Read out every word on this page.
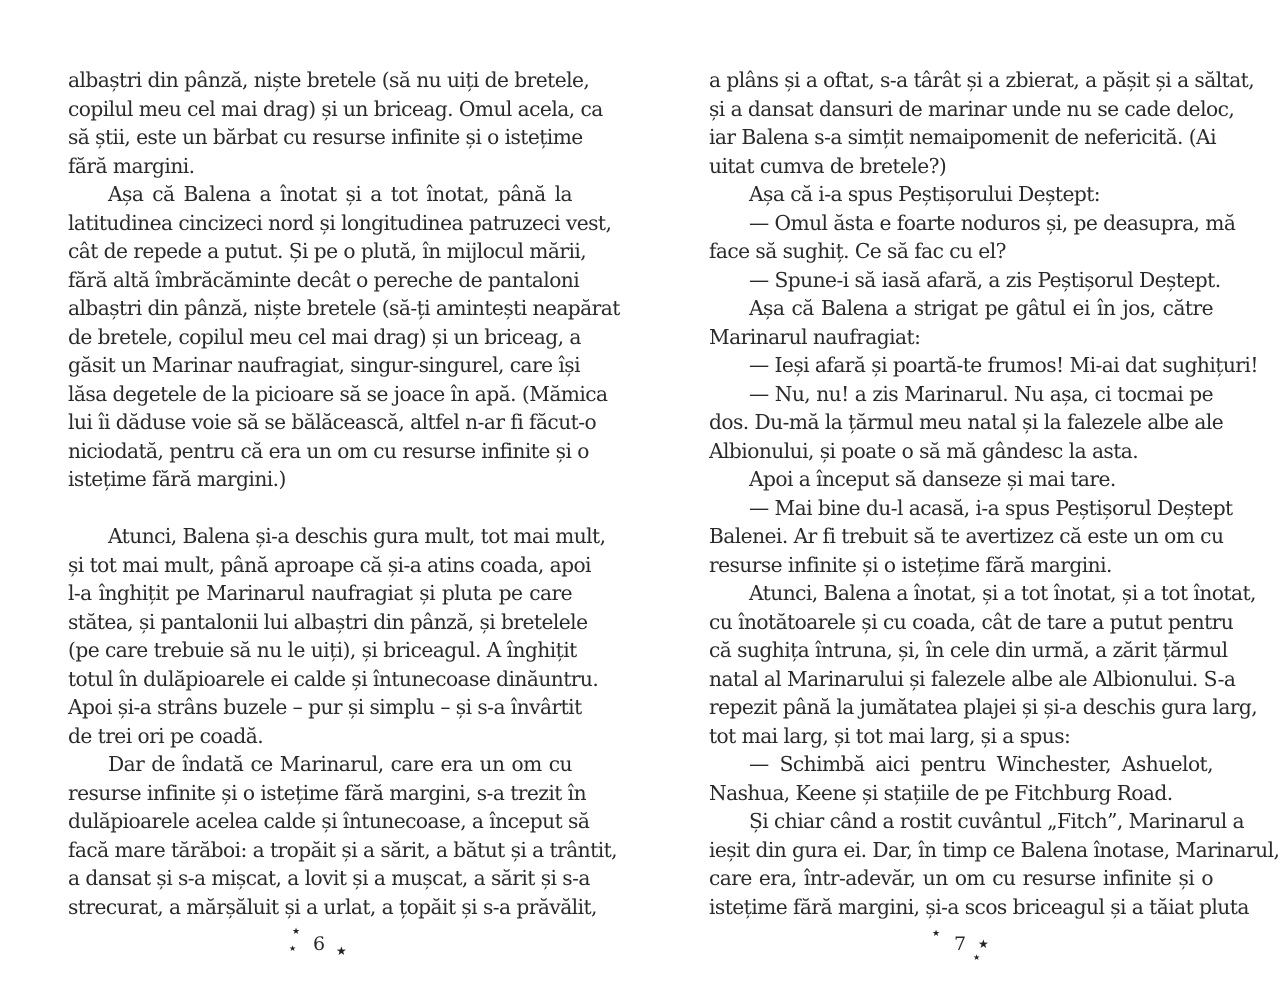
albaștri din pânză, niște bretele (să nu uiți de bretele,
copilul meu cel mai drag) și un briceag. Omul acela, ca
să știi, este un bărbat cu resurse infinite și o istețime
fără margini.
Așa că Balena a înotat și a tot înotat, până la
latitudinea cincizeci nord și longitudinea patruzeci vest,
cât de repede a putut. Și pe o plută, în mijlocul mării,
fără altă îmbrăcăminte decât o pereche de pantaloni
albaștri din pânză, niște bretele (să-ți amintești neapărat
de bretele, copilul meu cel mai drag) și un briceag, a
găsit un Marinar naufragiat, singur-singurel, care își
lăsa degetele de la picioare să se joace în apă. (Mămica
lui îi dăduse voie să se bălăcească, altfel n-ar fi făcut-o
niciodată, pentru că era un om cu resurse infinite și o
istețime fără margini.)
Atunci, Balena și-a deschis gura mult, tot mai mult,
și tot mai mult, până aproape că și-a atins coada, apoi
l-a înghițit pe Marinarul naufragiat și pluta pe care
stătea, și pantalonii lui albaștri din pânză, și bretelele
(pe care trebuie să nu le uiți), și briceagul. A înghițit
totul în dulăpioarele ei calde și întunecoase dinăuntru.
Apoi și-a strâns buzele – pur și simplu – și s-a învârtit
de trei ori pe coadă.
Dar de îndată ce Marinarul, care era un om cu
resurse infinite și o istețime fără margini, s-a trezit în
dulăpioarele acelea calde și întunecoase, a început să
facă mare tărăboi: a tropăit și a sărit, a bătut și a trântit,
a dansat și s-a mișcat, a lovit și a mușcat, a sărit și s-a
strecurat, a mărșăluit și a urlat, a țopăit și s-a prăvălit,
a plâns și a oftat, s-a târât și a zbierat, a pășit și a săltat,
și a dansat dansuri de marinar unde nu se cade deloc,
iar Balena s-a simțit nemaipomenit de nefericită. (Ai
uitat cumva de bretele?)
Așa că i-a spus Peștișorului Deștept:
— Omul ăsta e foarte noduros și, pe deasupra, mă
face să sughiț. Ce să fac cu el?
— Spune-i să iasă afară, a zis Peștișorul Deștept.
Așa că Balena a strigat pe gâtul ei în jos, către
Marinarul naufragiat:
— Ieși afară și poartă-te frumos! Mi-ai dat sughițuri!
— Nu, nu! a zis Marinarul. Nu așa, ci tocmai pe
dos. Du-mă la țărmul meu natal și la falezele albe ale
Albionului, și poate o să mă gândesc la asta.
Apoi a început să danseze și mai tare.
— Mai bine du-l acasă, i-a spus Peștișorul Deștept
Balenei. Ar fi trebuit să te avertizez că este un om cu
resurse infinite și o istețime fără margini.
Atunci, Balena a înotat, și a tot înotat, și a tot înotat,
cu înotătoarele și cu coada, cât de tare a putut pentru
că sughița întruna, și, în cele din urmă, a zărit țărmul
natal al Marinarului și falezele albe ale Albionului. S-a
repezit până la jumătatea plajei și și-a deschis gura larg,
tot mai larg, și tot mai larg, și a spus:
— Schimbă aici pentru Winchester, Ashuelot,
Nashua, Keene și stațiile de pe Fitchburg Road.
Și chiar când a rostit cuvântul „Fitch”, Marinarul a
ieșit din gura ei. Dar, în timp ce Balena înotase, Marinarul,
care era, într-adevăr, un om cu resurse infinite și o
istețime fără margini, și-a scos briceagul și a tăiat pluta
6
★
★	★	7
★
★
★
